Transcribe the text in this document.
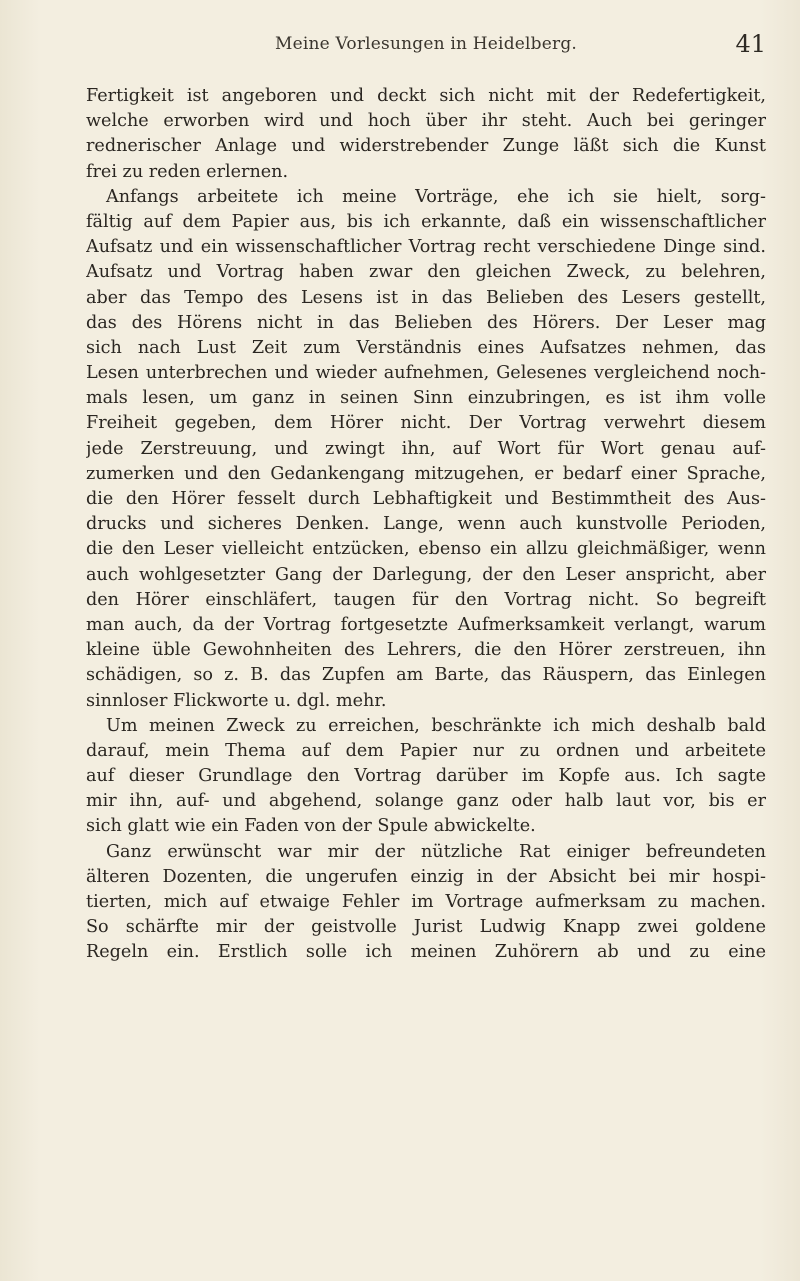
Meine Vorlesungen in Heidelberg.	41
Fertigkeit ist angeboren und deckt sich nicht mit der Redefertigkeit,
welche erworben wird und hoch über ihr steht. Auch bei geringer
rednerischer Anlage und widerstrebender Zunge läßt sich die Kunst
frei zu reden erlernen.
Anfangs arbeitete ich meine Vorträge, ehe ich sie hielt, sorg-
fältig auf dem Papier aus, bis ich erkannte, daß ein wissenschaftlicher
Aufsatz und ein wissenschaftlicher Vortrag recht verschiedene Dinge sind.
Aufsatz und Vortrag haben zwar den gleichen Zweck, zu belehren,
aber das Tempo des Lesens ist in das Belieben des Lesers gestellt,
das des Hörens nicht in das Belieben des Hörers. Der Leser mag
sich nach Lust Zeit zum Verständnis eines Aufsatzes nehmen, das
Lesen unterbrechen und wieder aufnehmen, Gelesenes vergleichend noch-
mals lesen, um ganz in seinen Sinn einzubringen, es ist ihm volle
Freiheit gegeben, dem Hörer nicht. Der Vortrag verwehrt diesem
jede Zerstreuung, und zwingt ihn, auf Wort für Wort genau auf-
zumerken und den Gedankengang mitzugehen, er bedarf einer Sprache,
die den Hörer fesselt durch Lebhaftigkeit und Bestimmtheit des Aus-
drucks und sicheres Denken. Lange, wenn auch kunstvolle Perioden,
die den Leser vielleicht entzücken, ebenso ein allzu gleichmäßiger, wenn
auch wohlgesetzter Gang der Darlegung, der den Leser anspricht, aber
den Hörer einschläfert, taugen für den Vortrag nicht. So begreift
man auch, da der Vortrag fortgesetzte Aufmerksamkeit verlangt, warum
kleine üble Gewohnheiten des Lehrers, die den Hörer zerstreuen, ihn
schädigen, so z. B. das Zupfen am Barte, das Räuspern, das Einlegen
sinnloser Flickworte u. dgl. mehr.
Um meinen Zweck zu erreichen, beschränkte ich mich deshalb bald
darauf, mein Thema auf dem Papier nur zu ordnen und arbeitete
auf dieser Grundlage den Vortrag darüber im Kopfe aus. Ich sagte
mir ihn, auf- und abgehend, solange ganz oder halb laut vor, bis er
sich glatt wie ein Faden von der Spule abwickelte.
Ganz erwünscht war mir der nützliche Rat einiger befreundeten
älteren Dozenten, die ungerufen einzig in der Absicht bei mir hospi-
tierten, mich auf etwaige Fehler im Vortrage aufmerksam zu machen.
So schärfte mir der geistvolle Jurist Ludwig Knapp zwei goldene
Regeln ein. Erstlich solle ich meinen Zuhörern ab und zu eine
